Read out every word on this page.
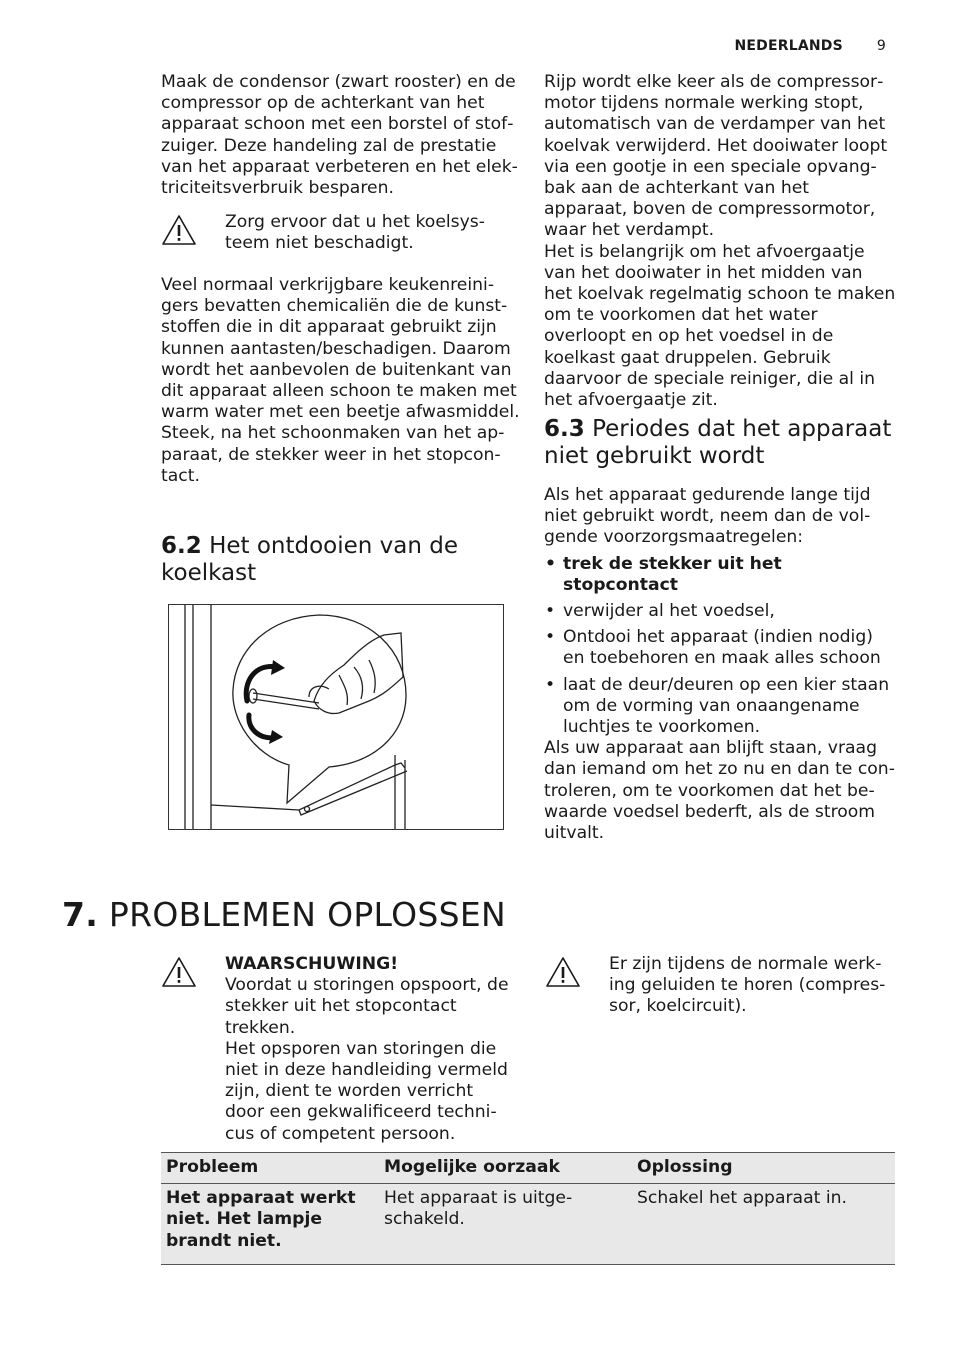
NEDERLANDS 9

Maak de condensor (zwart rooster) en de compressor op de achterkant van het apparaat schoon met een borstel of stofzuiger. Deze handeling zal de prestatie van het apparaat verbeteren en het elektriciteitsverbruik besparen.

Zorg ervoor dat u het koelsysteem niet beschadigt.

Veel normaal verkrijgbare keukenreinigers bevatten chemicaliën die de kunststoffen die in dit apparaat gebruikt zijn kunnen aantasten/beschadigen. Daarom wordt het aanbevolen de buitenkant van dit apparaat alleen schoon te maken met warm water met een beetje afwasmiddel.

Steek, na het schoonmaken van het apparaat, de stekker weer in het stopcontact.

6.2 Het ontdooien van de koelkast

Rijp wordt elke keer als de compressormotor tijdens normale werking stopt, automatisch van de verdamper van het koelvak verwijderd. Het dooiwater loopt via een gootje in een speciale opvangbak aan de achterkant van het apparaat, boven de compressormotor, waar het verdampt.

Het is belangrijk om het afvoergaatje van het dooiwater in het midden van het koelvak regelmatig schoon te maken om te voorkomen dat het water overloopt en op het voedsel in de koelkast gaat druppelen. Gebruik daarvoor de speciale reiniger, die al in het afvoergaatje zit.

6.3 Periodes dat het apparaat niet gebruikt wordt

Als het apparaat gedurende lange tijd niet gebruikt wordt, neem dan de volgende voorzorgsmaatregelen:

• trek de stekker uit het stopcontact
• verwijder al het voedsel,
• Ontdooi het apparaat (indien nodig) en toebehoren en maak alles schoon
• laat de deur/deuren op een kier staan om de vorming van onaangename luchtjes te voorkomen.

Als uw apparaat aan blijft staan, vraag dan iemand om het zo nu en dan te controleren, om te voorkomen dat het bewaarde voedsel bederft, als de stroom uitvalt.

7. PROBLEMEN OPLOSSEN

WAARSCHUWING!

Voordat u storingen opspoort, de stekker uit het stopcontact trekken.

Het opsporen van storingen die niet in deze handleiding vermeld zijn, dient te worden verricht door een gekwalificeerd technicus of competent persoon.

Er zijn tijdens de normale werking geluiden te horen (compressor, koelcircuit).
Probleem	Mogelijke oorzaak	Oplossing
Het apparaat werkt niet. Het lampje brandt niet.	Het apparaat is uitgeschakeld.	Schakel het apparaat in.
